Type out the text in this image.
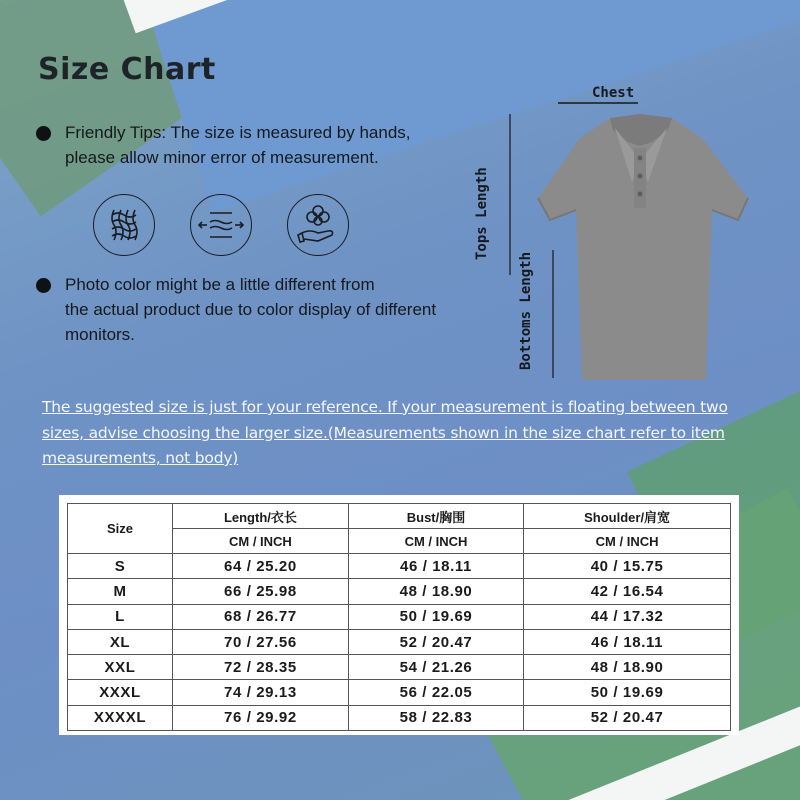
Size Chart
Friendly Tips: The size is measured by hands,
please allow minor error of measurement.
Photo color might be a little different from
the actual product due to color display of different
monitors.
Chest
Tops Length
Bottoms Length
The suggested size is just for your reference. If your measurement is floating between two sizes, advise choosing the larger size.(Measurements shown in the size chart refer to item measurements, not body)
Size	Length/衣长	Bust/胸围	Shoulder/肩宽
	CM / INCH	CM / INCH	CM / INCH
S	64 / 25.20	46 / 18.11	40 / 15.75
M	66 / 25.98	48 / 18.90	42 / 16.54
L	68 / 26.77	50 / 19.69	44 / 17.32
XL	70 / 27.56	52 / 20.47	46 / 18.11
XXL	72 / 28.35	54 / 21.26	48 / 18.90
XXXL	74 / 29.13	56 / 22.05	50 / 19.69
XXXXL	76 / 29.92	58 / 22.83	52 / 20.47
